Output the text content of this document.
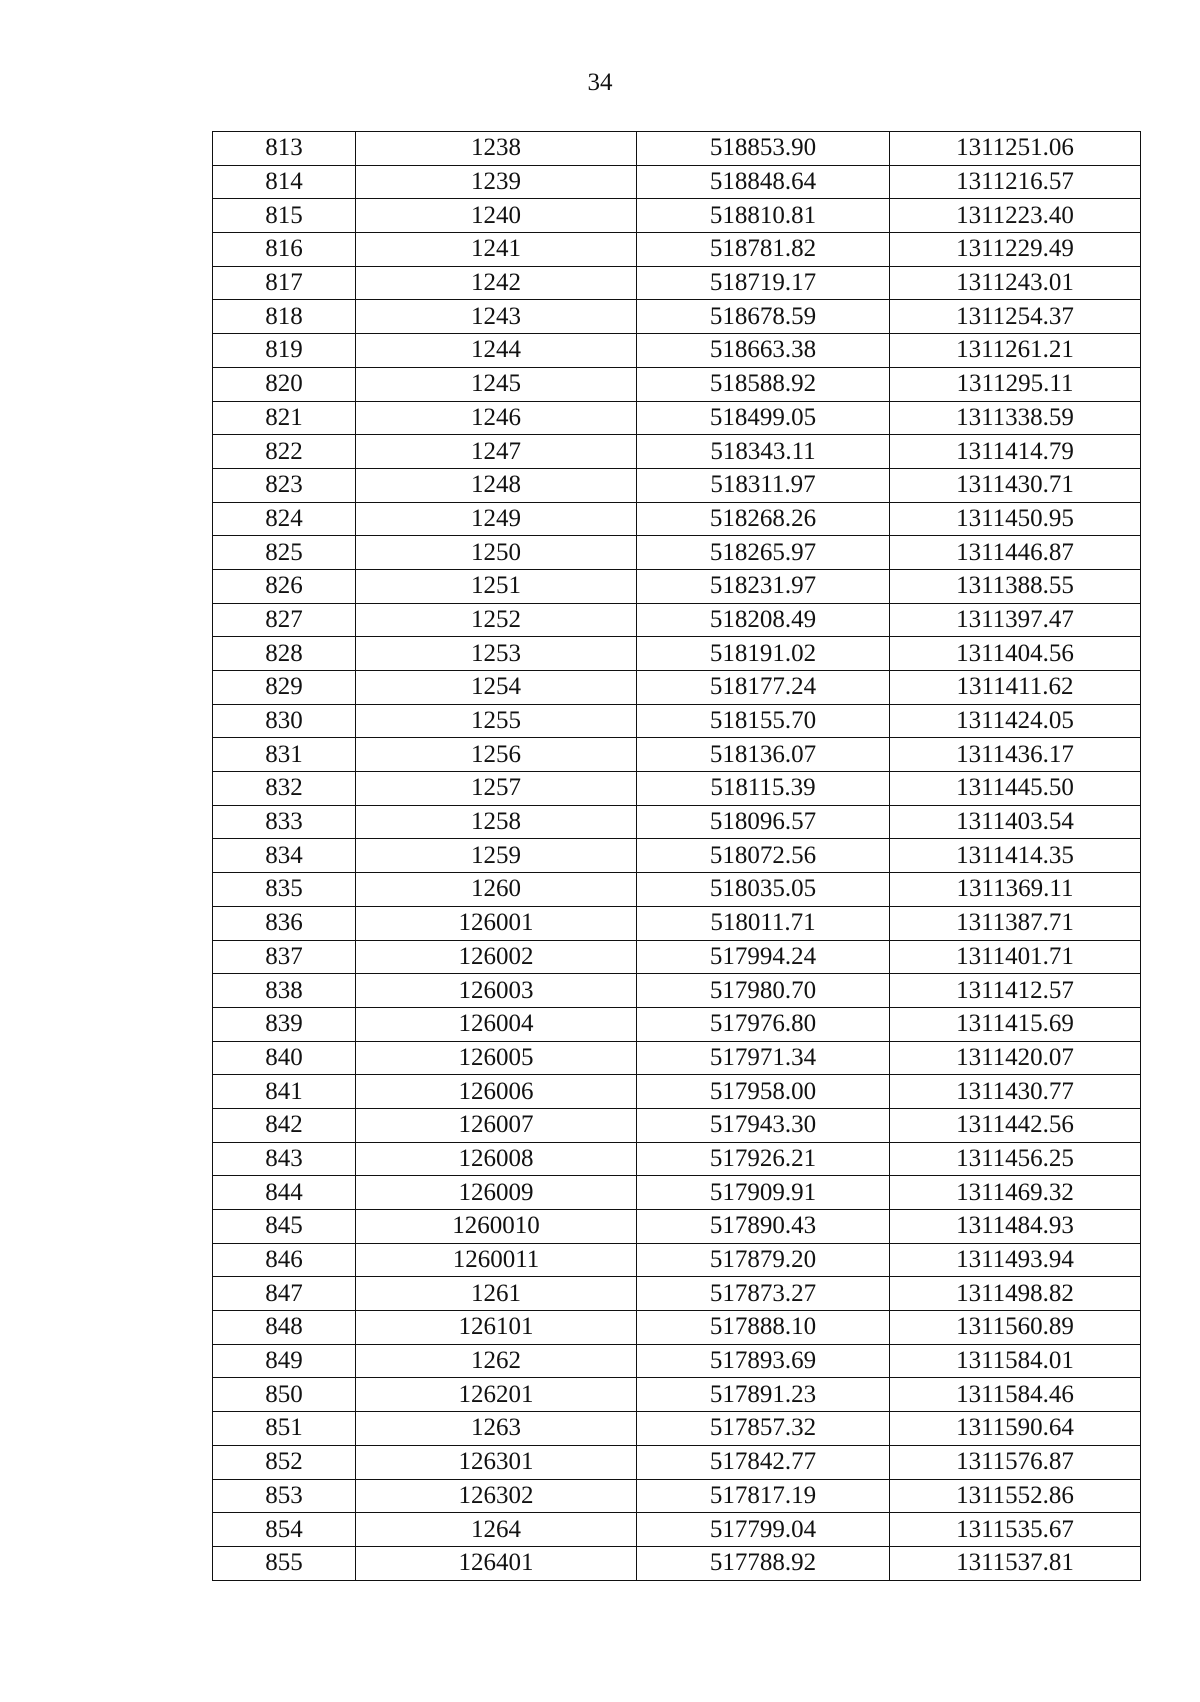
34
813	1238	518853.90	1311251.06
814	1239	518848.64	1311216.57
815	1240	518810.81	1311223.40
816	1241	518781.82	1311229.49
817	1242	518719.17	1311243.01
818	1243	518678.59	1311254.37
819	1244	518663.38	1311261.21
820	1245	518588.92	1311295.11
821	1246	518499.05	1311338.59
822	1247	518343.11	1311414.79
823	1248	518311.97	1311430.71
824	1249	518268.26	1311450.95
825	1250	518265.97	1311446.87
826	1251	518231.97	1311388.55
827	1252	518208.49	1311397.47
828	1253	518191.02	1311404.56
829	1254	518177.24	1311411.62
830	1255	518155.70	1311424.05
831	1256	518136.07	1311436.17
832	1257	518115.39	1311445.50
833	1258	518096.57	1311403.54
834	1259	518072.56	1311414.35
835	1260	518035.05	1311369.11
836	126001	518011.71	1311387.71
837	126002	517994.24	1311401.71
838	126003	517980.70	1311412.57
839	126004	517976.80	1311415.69
840	126005	517971.34	1311420.07
841	126006	517958.00	1311430.77
842	126007	517943.30	1311442.56
843	126008	517926.21	1311456.25
844	126009	517909.91	1311469.32
845	1260010	517890.43	1311484.93
846	1260011	517879.20	1311493.94
847	1261	517873.27	1311498.82
848	126101	517888.10	1311560.89
849	1262	517893.69	1311584.01
850	126201	517891.23	1311584.46
851	1263	517857.32	1311590.64
852	126301	517842.77	1311576.87
853	126302	517817.19	1311552.86
854	1264	517799.04	1311535.67
855	126401	517788.92	1311537.81
